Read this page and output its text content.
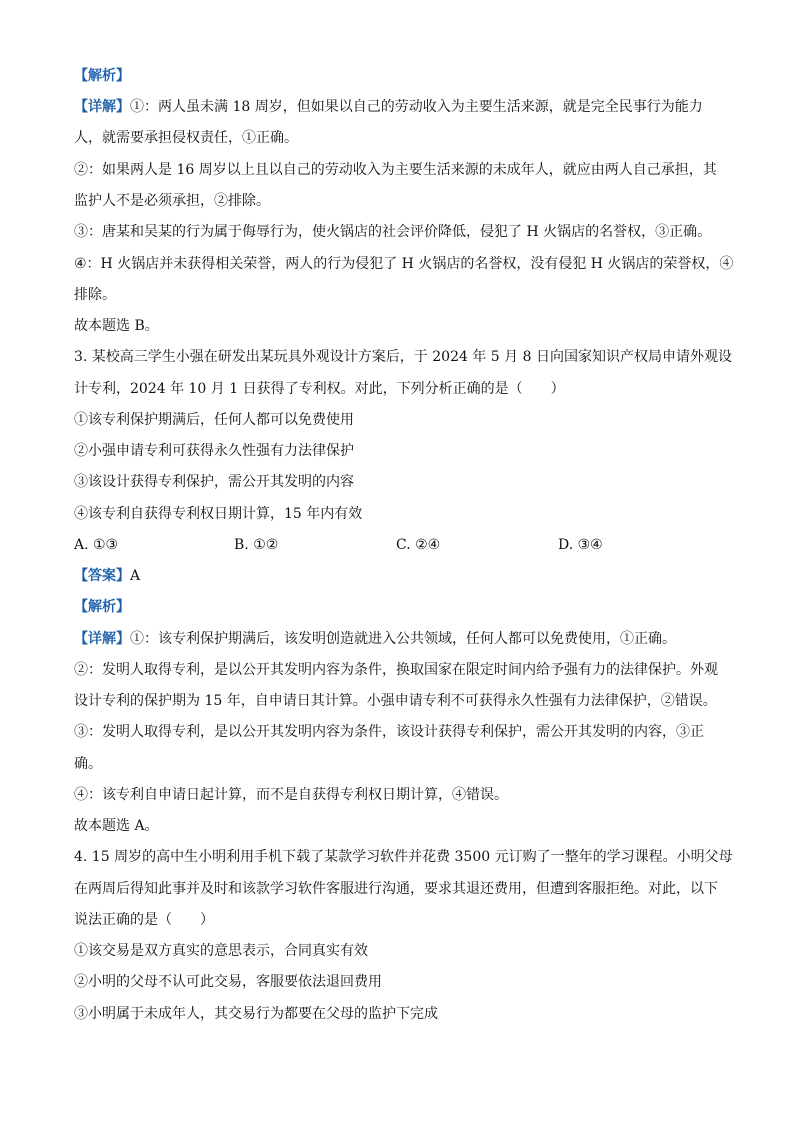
【解析】
【详解】①：两人虽未满 18 周岁，但如果以自己的劳动收入为主要生活来源，就是完全民事行为能力
人，就需要承担侵权责任，①正确。
②：如果两人是 16 周岁以上且以自己的劳动收入为主要生活来源的未成年人，就应由两人自己承担，其
监护人不是必须承担，②排除。
③：唐某和吴某的行为属于侮辱行为，使火锅店的社会评价降低，侵犯了 H 火锅店的名誉权，③正确。
④：H 火锅店并未获得相关荣誉，两人的行为侵犯了 H 火锅店的名誉权，没有侵犯 H 火锅店的荣誉权，④
排除。
故本题选 B。
3. 某校高三学生小强在研发出某玩具外观设计方案后，于 2024 年 5 月 8 日向国家知识产权局申请外观设
计专利，2024 年 10 月 1 日获得了专利权。对此，下列分析正确的是（　　）
①该专利保护期满后，任何人都可以免费使用
②小强申请专利可获得永久性强有力法律保护
③该设计获得专利保护，需公开其发明的内容
④该专利自获得专利权日期计算，15 年内有效
A. ①③	B. ①②	C. ②④	D. ③④
【答案】A
【解析】
【详解】①：该专利保护期满后，该发明创造就进入公共领域，任何人都可以免费使用，①正确。
②：发明人取得专利，是以公开其发明内容为条件，换取国家在限定时间内给予强有力的法律保护。外观
设计专利的保护期为 15 年，自申请日其计算。小强申请专利不可获得永久性强有力法律保护，②错误。
③：发明人取得专利，是以公开其发明内容为条件，该设计获得专利保护，需公开其发明的内容，③正
确。
④：该专利自申请日起计算，而不是自获得专利权日期计算，④错误。
故本题选 A。
4. 15 周岁的高中生小明利用手机下载了某款学习软件并花费 3500 元订购了一整年的学习课程。小明父母
在两周后得知此事并及时和该款学习软件客服进行沟通，要求其退还费用，但遭到客服拒绝。对此，以下
说法正确的是（　　）
①该交易是双方真实的意思表示，合同真实有效
②小明的父母不认可此交易，客服要依法退回费用
③小明属于未成年人，其交易行为都要在父母的监护下完成
